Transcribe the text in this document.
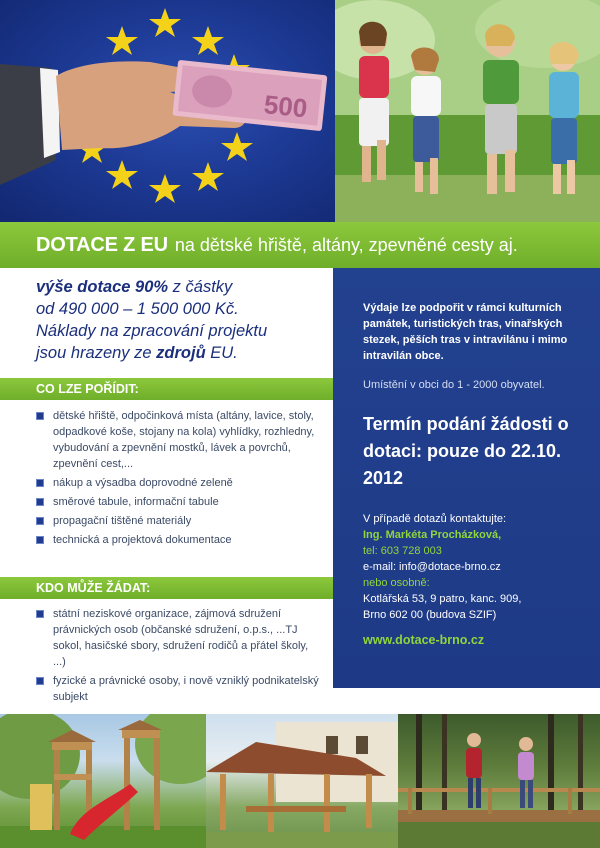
500
DOTACE Z EU na dětské hřiště, altány, zpevněné cesty aj.
výše dotace 90% z částky
od 490 000 – 1 500 000 Kč.
Náklady na zpracování projektu
jsou hrazeny ze zdrojů EU.
CO LZE POŘÍDIT:
dětské hřiště, odpočinková místa (altány, lavice, stoly, odpadkové koše, stojany na kola) vyhlídky, rozhledny, vybudování a zpevnění mostků, lávek a povrchů, zpevnění cest,...
nákup a výsadba doprovodné zeleně
směrové tabule, informační tabule
propagační tištěné materiály
technická a projektová dokumentace
KDO MŮŽE ŽÁDAT:
státní neziskové organizace, zájmová sdružení právnických osob (občanské sdružení, o.p.s., ...TJ sokol, hasičské sbory, sdružení rodičů a přátel školy, ...)
fyzické a právnické osoby, i nově vzniklý podnikatelský subjekt
Výdaje lze podpořit v rámci kulturních památek, turistických tras, vinařských stezek, pěších tras v intravilánu i mimo intravilán obce.
Umístění v obci do 1 - 2000 obyvatel.
Termín podání žádosti o dotaci: pouze do 22.10. 2012
V případě dotazů kontaktujte:
Ing. Markéta Procházková,
tel: 603 728 003
e-mail: info@dotace-brno.cz
nebo osobně:
Kotlářská 53, 9 patro, kanc. 909,
Brno 602 00 (budova SZIF)
www.dotace-brno.cz
